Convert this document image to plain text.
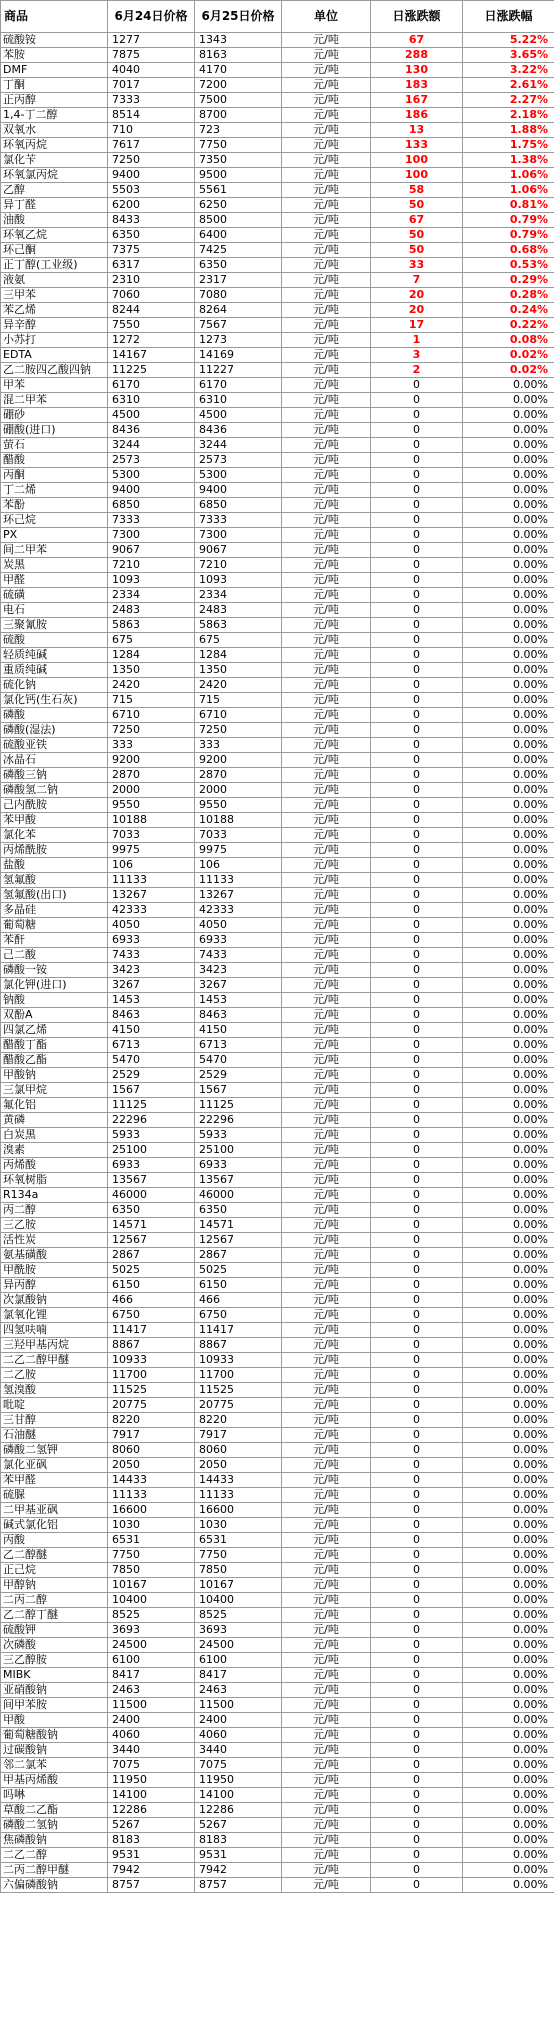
商品	6月24日价格	6月25日价格	单位	日涨跌额	日涨跌幅
硫酸铵	1277	1343	元/吨	67	5.22%
苯胺	7875	8163	元/吨	288	3.65%
DMF	4040	4170	元/吨	130	3.22%
丁酮	7017	7200	元/吨	183	2.61%
正丙醇	7333	7500	元/吨	167	2.27%
1,4-丁二醇	8514	8700	元/吨	186	2.18%
双氧水	710	723	元/吨	13	1.88%
环氧丙烷	7617	7750	元/吨	133	1.75%
氯化苄	7250	7350	元/吨	100	1.38%
环氧氯丙烷	9400	9500	元/吨	100	1.06%
乙醇	5503	5561	元/吨	58	1.06%
异丁醛	6200	6250	元/吨	50	0.81%
油酸	8433	8500	元/吨	67	0.79%
环氧乙烷	6350	6400	元/吨	50	0.79%
环己酮	7375	7425	元/吨	50	0.68%
正丁醇(工业级)	6317	6350	元/吨	33	0.53%
液氨	2310	2317	元/吨	7	0.29%
三甲苯	7060	7080	元/吨	20	0.28%
苯乙烯	8244	8264	元/吨	20	0.24%
异辛醇	7550	7567	元/吨	17	0.22%
小苏打	1272	1273	元/吨	1	0.08%
EDTA	14167	14169	元/吨	3	0.02%
乙二胺四乙酸四钠	11225	11227	元/吨	2	0.02%
甲苯	6170	6170	元/吨	0	0.00%
混二甲苯	6310	6310	元/吨	0	0.00%
硼砂	4500	4500	元/吨	0	0.00%
硼酸(进口)	8436	8436	元/吨	0	0.00%
萤石	3244	3244	元/吨	0	0.00%
醋酸	2573	2573	元/吨	0	0.00%
丙酮	5300	5300	元/吨	0	0.00%
丁二烯	9400	9400	元/吨	0	0.00%
苯酚	6850	6850	元/吨	0	0.00%
环己烷	7333	7333	元/吨	0	0.00%
PX	7300	7300	元/吨	0	0.00%
间二甲苯	9067	9067	元/吨	0	0.00%
炭黑	7210	7210	元/吨	0	0.00%
甲醛	1093	1093	元/吨	0	0.00%
硫磺	2334	2334	元/吨	0	0.00%
电石	2483	2483	元/吨	0	0.00%
三聚氰胺	5863	5863	元/吨	0	0.00%
硫酸	675	675	元/吨	0	0.00%
轻质纯碱	1284	1284	元/吨	0	0.00%
重质纯碱	1350	1350	元/吨	0	0.00%
硫化钠	2420	2420	元/吨	0	0.00%
氯化钙(生石灰)	715	715	元/吨	0	0.00%
磷酸	6710	6710	元/吨	0	0.00%
磷酸(湿法)	7250	7250	元/吨	0	0.00%
硫酸亚铁	333	333	元/吨	0	0.00%
冰晶石	9200	9200	元/吨	0	0.00%
磷酸三钠	2870	2870	元/吨	0	0.00%
磷酸氢二钠	2000	2000	元/吨	0	0.00%
己内酰胺	9550	9550	元/吨	0	0.00%
苯甲酸	10188	10188	元/吨	0	0.00%
氯化苯	7033	7033	元/吨	0	0.00%
丙烯酰胺	9975	9975	元/吨	0	0.00%
盐酸	106	106	元/吨	0	0.00%
氢氟酸	11133	11133	元/吨	0	0.00%
氢氟酸(出口)	13267	13267	元/吨	0	0.00%
多晶硅	42333	42333	元/吨	0	0.00%
葡萄糖	4050	4050	元/吨	0	0.00%
苯酐	6933	6933	元/吨	0	0.00%
己二酸	7433	7433	元/吨	0	0.00%
磷酸一铵	3423	3423	元/吨	0	0.00%
氯化钾(进口)	3267	3267	元/吨	0	0.00%
钠酸	1453	1453	元/吨	0	0.00%
双酚A	8463	8463	元/吨	0	0.00%
四氯乙烯	4150	4150	元/吨	0	0.00%
醋酸丁酯	6713	6713	元/吨	0	0.00%
醋酸乙酯	5470	5470	元/吨	0	0.00%
甲酸钠	2529	2529	元/吨	0	0.00%
三氯甲烷	1567	1567	元/吨	0	0.00%
氟化铝	11125	11125	元/吨	0	0.00%
黄磷	22296	22296	元/吨	0	0.00%
白炭黑	5933	5933	元/吨	0	0.00%
溴素	25100	25100	元/吨	0	0.00%
丙烯酸	6933	6933	元/吨	0	0.00%
环氧树脂	13567	13567	元/吨	0	0.00%
R134a	46000	46000	元/吨	0	0.00%
丙二醇	6350	6350	元/吨	0	0.00%
三乙胺	14571	14571	元/吨	0	0.00%
活性炭	12567	12567	元/吨	0	0.00%
氨基磺酸	2867	2867	元/吨	0	0.00%
甲酰胺	5025	5025	元/吨	0	0.00%
异丙醇	6150	6150	元/吨	0	0.00%
次氯酸钠	466	466	元/吨	0	0.00%
氯氧化锂	6750	6750	元/吨	0	0.00%
四氢呋喃	11417	11417	元/吨	0	0.00%
三羟甲基丙烷	8867	8867	元/吨	0	0.00%
二乙二醇甲醚	10933	10933	元/吨	0	0.00%
二乙胺	11700	11700	元/吨	0	0.00%
氢溴酸	11525	11525	元/吨	0	0.00%
吡啶	20775	20775	元/吨	0	0.00%
三甘醇	8220	8220	元/吨	0	0.00%
石油醚	7917	7917	元/吨	0	0.00%
磷酸二氢钾	8060	8060	元/吨	0	0.00%
氯化亚砜	2050	2050	元/吨	0	0.00%
苯甲醛	14433	14433	元/吨	0	0.00%
硫脲	11133	11133	元/吨	0	0.00%
二甲基亚砜	16600	16600	元/吨	0	0.00%
碱式氯化铝	1030	1030	元/吨	0	0.00%
丙酸	6531	6531	元/吨	0	0.00%
乙二醇醚	7750	7750	元/吨	0	0.00%
正己烷	7850	7850	元/吨	0	0.00%
甲醇钠	10167	10167	元/吨	0	0.00%
二丙二醇	10400	10400	元/吨	0	0.00%
乙二醇丁醚	8525	8525	元/吨	0	0.00%
硫酸钾	3693	3693	元/吨	0	0.00%
次磷酸	24500	24500	元/吨	0	0.00%
三乙醇胺	6100	6100	元/吨	0	0.00%
MIBK	8417	8417	元/吨	0	0.00%
亚硝酸钠	2463	2463	元/吨	0	0.00%
间甲苯胺	11500	11500	元/吨	0	0.00%
甲酸	2400	2400	元/吨	0	0.00%
葡萄糖酸钠	4060	4060	元/吨	0	0.00%
过碳酸钠	3440	3440	元/吨	0	0.00%
邻二氯苯	7075	7075	元/吨	0	0.00%
甲基丙烯酸	11950	11950	元/吨	0	0.00%
吗啉	14100	14100	元/吨	0	0.00%
草酸二乙酯	12286	12286	元/吨	0	0.00%
磷酸二氢钠	5267	5267	元/吨	0	0.00%
焦磷酸钠	8183	8183	元/吨	0	0.00%
二乙二醇	9531	9531	元/吨	0	0.00%
二丙二醇甲醚	7942	7942	元/吨	0	0.00%
六偏磷酸钠	8757	8757	元/吨	0	0.00%
